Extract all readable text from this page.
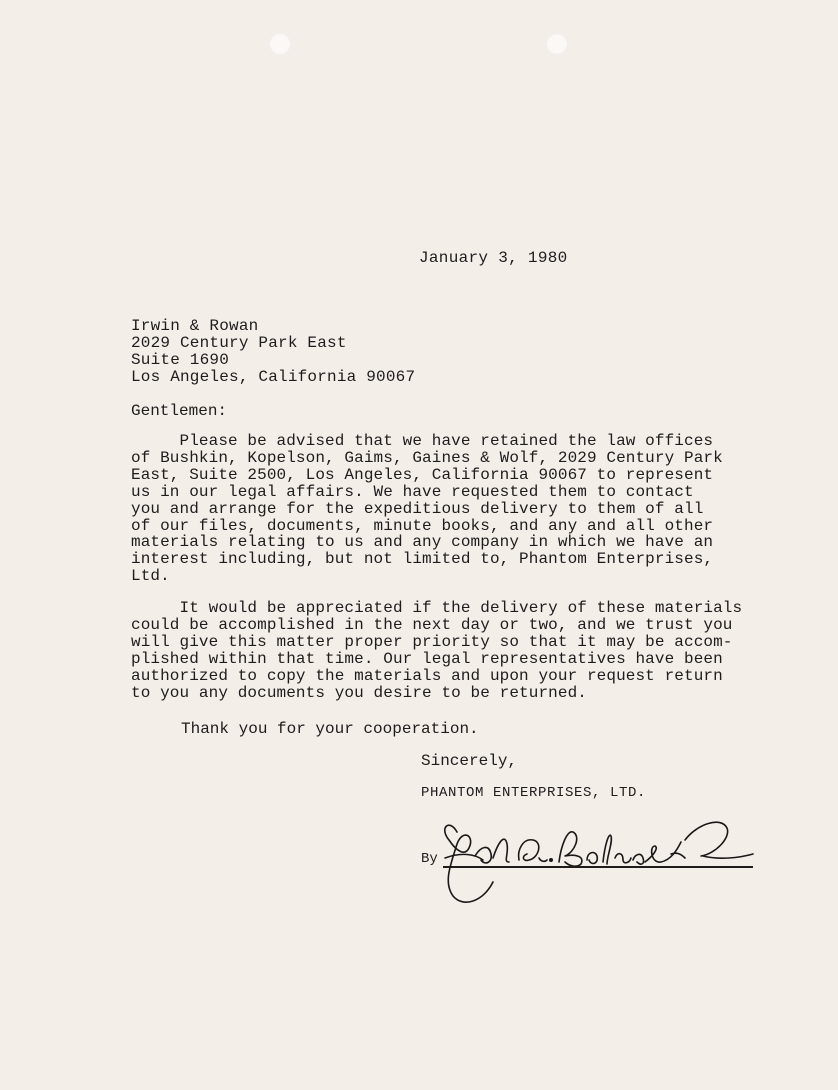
January 3, 1980
Irwin & Rowan
2029 Century Park East
Suite 1690
Los Angeles, California 90067
Gentlemen:
Please be advised that we have retained the law offices
of Bushkin, Kopelson, Gaims, Gaines & Wolf, 2029 Century Park
East, Suite 2500, Los Angeles, California 90067 to represent
us in our legal affairs. We have requested them to contact
you and arrange for the expeditious delivery to them of all
of our files, documents, minute books, and any and all other
materials relating to us and any company in which we have an
interest including, but not limited to, Phantom Enterprises,
Ltd.
It would be appreciated if the delivery of these materials
could be accomplished in the next day or two, and we trust you
will give this matter proper priority so that it may be accom-
plished within that time. Our legal representatives have been
authorized to copy the materials and upon your request return
to you any documents you desire to be returned.
Thank you for your cooperation.
Sincerely,
PHANTOM ENTERPRISES, LTD.
By
